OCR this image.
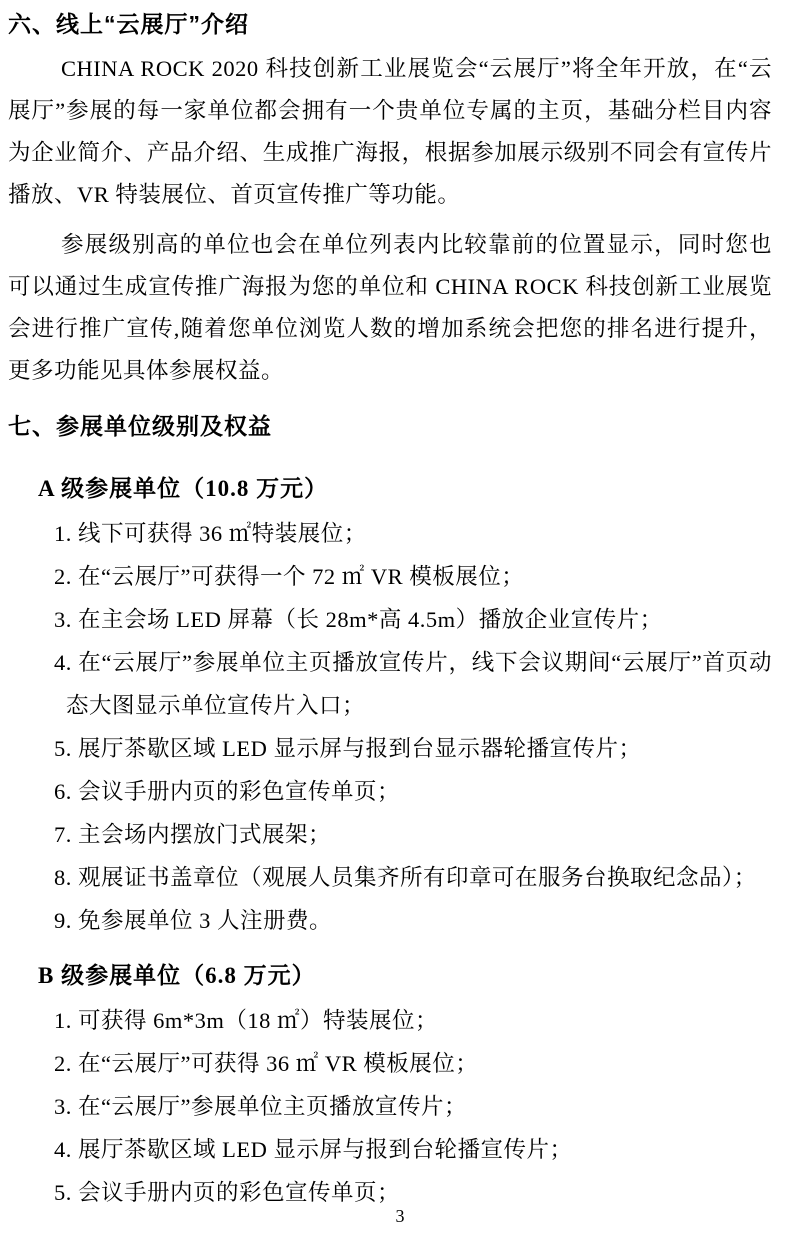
六、线上“云展厅”介绍

CHINA ROCK 2020 科技创新工业展览会“云展厅”将全年开放，在“云展厅”参展的每一家单位都会拥有一个贵单位专属的主页，基础分栏目内容为企业简介、产品介绍、生成推广海报，根据参加展示级别不同会有宣传片播放、VR 特装展位、首页宣传推广等功能。

参展级别高的单位也会在单位列表内比较靠前的位置显示，同时您也可以通过生成宣传推广海报为您的单位和 CHINA ROCK 科技创新工业展览会进行推广宣传,随着您单位浏览人数的增加系统会把您的排名进行提升，更多功能见具体参展权益。

七、参展单位级别及权益
A 级参展单位（10.8 万元）
1. 线下可获得 36 ㎡特装展位；
2. 在“云展厅”可获得一个 72 ㎡ VR 模板展位；
3. 在主会场 LED 屏幕（长 28m*高 4.5m）播放企业宣传片；
4. 在“云展厅”参展单位主页播放宣传片，线下会议期间“云展厅”首页动态大图显示单位宣传片入口；
5. 展厅茶歇区域 LED 显示屏与报到台显示器轮播宣传片；
6. 会议手册内页的彩色宣传单页；
7. 主会场内摆放门式展架；
8. 观展证书盖章位（观展人员集齐所有印章可在服务台换取纪念品）；
9. 免参展单位 3 人注册费。
B 级参展单位（6.8 万元）
1. 可获得 6m*3m（18 ㎡）特装展位；
2. 在“云展厅”可获得 36 ㎡ VR 模板展位；
3. 在“云展厅”参展单位主页播放宣传片；
4. 展厅茶歇区域 LED 显示屏与报到台轮播宣传片；
5. 会议手册内页的彩色宣传单页；
3
